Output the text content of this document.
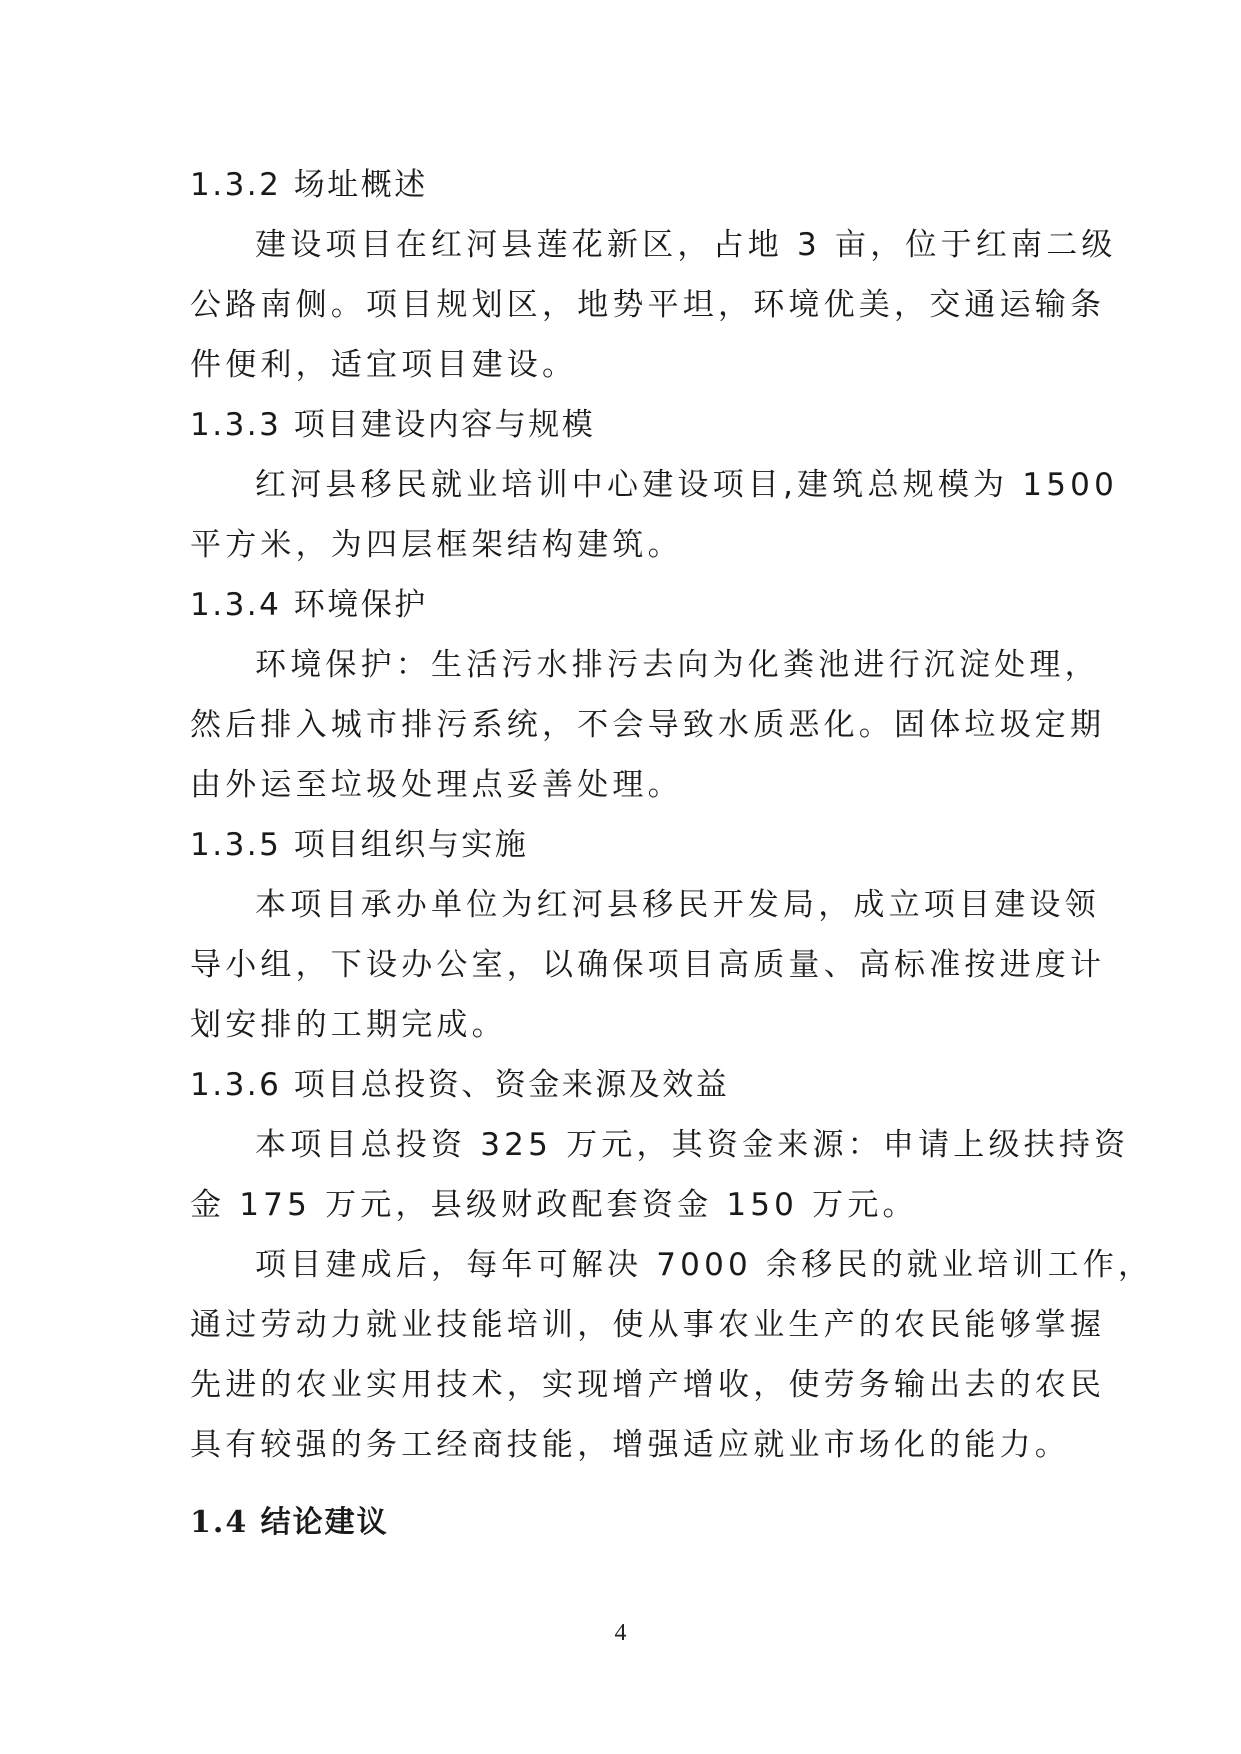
1.3.2 场址概述
建设项目在红河县莲花新区，占地 3 亩，位于红南二级
公路南侧。项目规划区，地势平坦，环境优美，交通运输条
件便利，适宜项目建设。
1.3.3 项目建设内容与规模
红河县移民就业培训中心建设项目,建筑总规模为 1500
平方米，为四层框架结构建筑。
1.3.4 环境保护
环境保护：生活污水排污去向为化粪池进行沉淀处理，
然后排入城市排污系统，不会导致水质恶化。固体垃圾定期
由外运至垃圾处理点妥善处理。
1.3.5 项目组织与实施
本项目承办单位为红河县移民开发局，成立项目建设领
导小组，下设办公室，以确保项目高质量、高标准按进度计
划安排的工期完成。
1.3.6 项目总投资、资金来源及效益
本项目总投资 325 万元，其资金来源：申请上级扶持资
金 175 万元，县级财政配套资金 150 万元。
项目建成后，每年可解决 7000 余移民的就业培训工作，
通过劳动力就业技能培训，使从事农业生产的农民能够掌握
先进的农业实用技术，实现增产增收，使劳务输出去的农民
具有较强的务工经商技能，增强适应就业市场化的能力。
1.4 结论建议
4
